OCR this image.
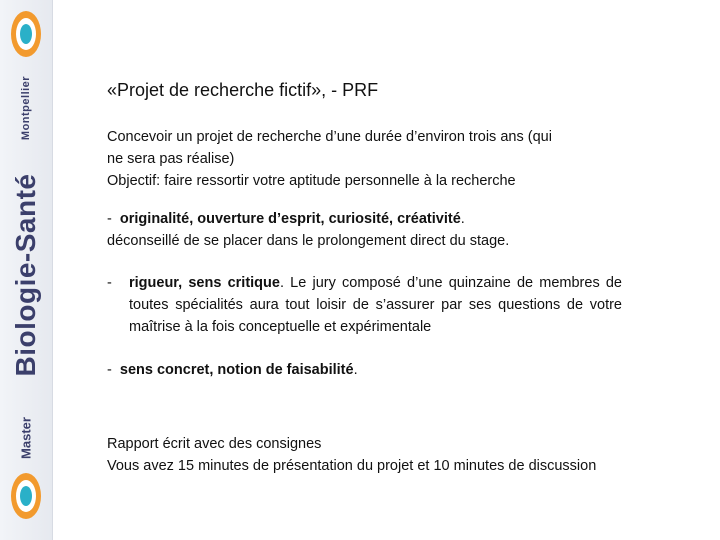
Montpellier
Biologie-Santé
Master
«Projet de recherche fictif», - PRF
Concevoir un projet de recherche d’une durée d’environ trois ans (qui
ne sera pas réalise)
Objectif: faire ressortir votre aptitude personnelle à la recherche
- originalité, ouverture d’esprit, curiosité, créativité.
déconseillé de se placer dans le prolongement direct du stage.
- rigueur, sens critique. Le jury composé d’une quinzaine de membres de toutes spécialités aura tout loisir de s’assurer par ses questions de votre maîtrise à la fois conceptuelle et expérimentale
- sens concret, notion de faisabilité.
Rapport écrit avec des consignes
Vous avez 15 minutes de présentation du projet et 10 minutes de discussion
